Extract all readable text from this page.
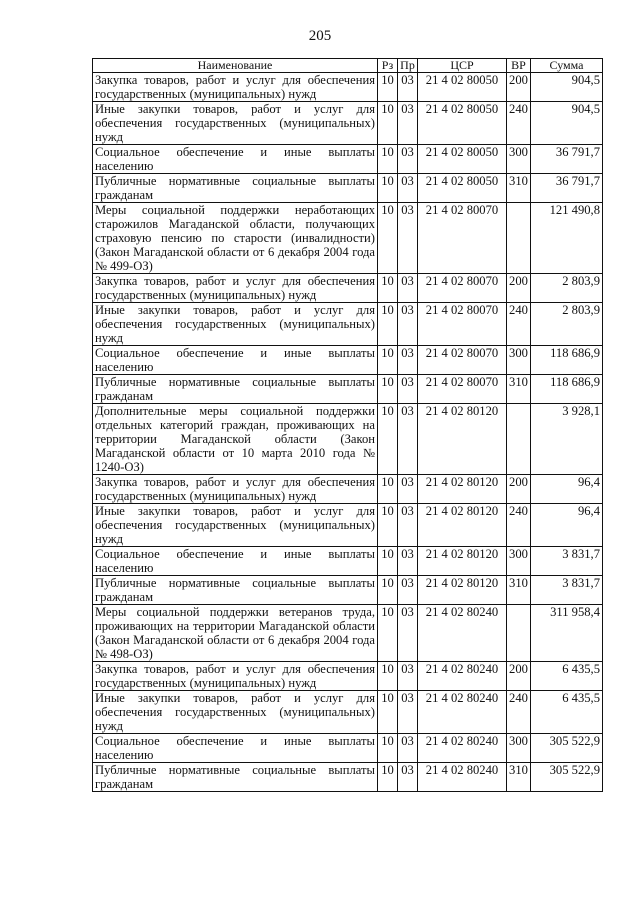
205
Наименование	Рз	Пр	ЦСР	ВР	Сумма
Закупка товаров, работ и услуг для обеспечения государственных (муниципальных) нужд	10	03	21 4 02 80050	200	904,5
Иные закупки товаров, работ и услуг для обеспечения государственных (муниципальных) нужд	10	03	21 4 02 80050	240	904,5
Социальное обеспечение и иные выплаты населению	10	03	21 4 02 80050	300	36 791,7
Публичные нормативные социальные выплаты гражданам	10	03	21 4 02 80050	310	36 791,7
Меры социальной поддержки неработающих старожилов Магаданской области, получающих страховую пенсию по старости (инвалидности) (Закон Магаданской области от 6 декабря 2004 года № 499-ОЗ)	10	03	21 4 02 80070		121 490,8
Закупка товаров, работ и услуг для обеспечения государственных (муниципальных) нужд	10	03	21 4 02 80070	200	2 803,9
Иные закупки товаров, работ и услуг для обеспечения государственных (муниципальных) нужд	10	03	21 4 02 80070	240	2 803,9
Социальное обеспечение и иные выплаты населению	10	03	21 4 02 80070	300	118 686,9
Публичные нормативные социальные выплаты гражданам	10	03	21 4 02 80070	310	118 686,9
Дополнительные меры социальной поддержки отдельных категорий граждан, проживающих на территории Магаданской области (Закон Магаданской области от 10 марта 2010 года № 1240-ОЗ)	10	03	21 4 02 80120		3 928,1
Закупка товаров, работ и услуг для обеспечения государственных (муниципальных) нужд	10	03	21 4 02 80120	200	96,4
Иные закупки товаров, работ и услуг для обеспечения государственных (муниципальных) нужд	10	03	21 4 02 80120	240	96,4
Социальное обеспечение и иные выплаты населению	10	03	21 4 02 80120	300	3 831,7
Публичные нормативные социальные выплаты гражданам	10	03	21 4 02 80120	310	3 831,7
Меры социальной поддержки ветеранов труда, проживающих на территории Магаданской области (Закон Магаданской области от 6 декабря 2004 года № 498-ОЗ)	10	03	21 4 02 80240		311 958,4
Закупка товаров, работ и услуг для обеспечения государственных (муниципальных) нужд	10	03	21 4 02 80240	200	6 435,5
Иные закупки товаров, работ и услуг для обеспечения государственных (муниципальных) нужд	10	03	21 4 02 80240	240	6 435,5
Социальное обеспечение и иные выплаты населению	10	03	21 4 02 80240	300	305 522,9
Публичные нормативные социальные выплаты гражданам	10	03	21 4 02 80240	310	305 522,9
